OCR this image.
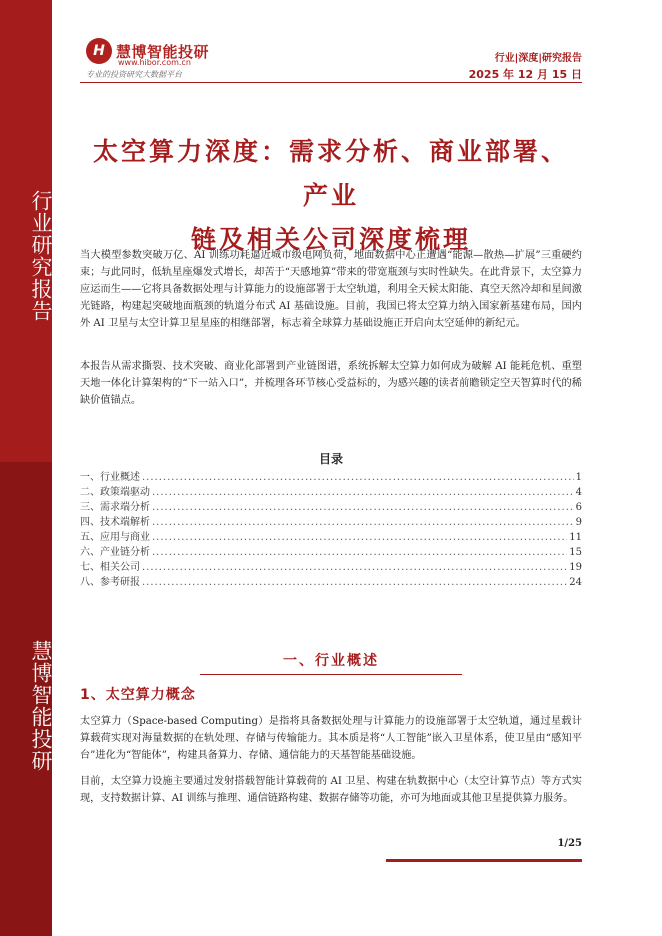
行业研究报告
慧博智能投研
H 慧博智能投研
www.hibor.com.cn
专业的投资研究大数据平台
行业|深度|研究报告
2025 年 12 月 15 日
太空算力深度：需求分析、商业部署、产业
链及相关公司深度梳理
当大模型参数突破万亿、AI 训练功耗逼近城市级电网负荷，地面数据中心正遭遇“能源—散热—扩展”三重硬约束；与此同时，低轨星座爆发式增长，却苦于“天感地算”带来的带宽瓶颈与实时性缺失。在此背景下，太空算力应运而生——它将具备数据处理与计算能力的设施部署于太空轨道，利用全天候太阳能、真空天然冷却和星间激光链路，构建起突破地面瓶颈的轨道分布式 AI 基础设施。目前，我国已将太空算力纳入国家新基建布局，国内外 AI 卫星与太空计算卫星星座的相继部署，标志着全球算力基础设施正开启向太空延伸的新纪元。
本报告从需求撕裂、技术突破、商业化部署到产业链图谱，系统拆解太空算力如何成为破解 AI 能耗危机、重塑天地一体化计算架构的“下一站入口”，并梳理各环节核心受益标的，为感兴趣的读者前瞻锁定空天智算时代的稀缺价值锚点。
目录
一、行业概述 .....	1
二、政策端驱动 .....	4
三、需求端分析 .....	6
四、技术端解析 .....	9
五、应用与商业 .....	11
六、产业链分析 .....	15
七、相关公司 .....	19
八、参考研报 .....	24
一、行业概述
1、太空算力概念
太空算力（Space-based Computing）是指将具备数据处理与计算能力的设施部署于太空轨道，通过星载计算载荷实现对海量数据的在轨处理、存储与传输能力。其本质是将“人工智能”嵌入卫星体系，使卫星由“感知平台”进化为“智能体”，构建具备算力、存储、通信能力的天基智能基础设施。
目前，太空算力设施主要通过发射搭载智能计算载荷的 AI 卫星、构建在轨数据中心（太空计算节点）等方式实现，支持数据计算、AI 训练与推理、通信链路构建、数据存储等功能，亦可为地面或其他卫星提供算力服务。
1/25
